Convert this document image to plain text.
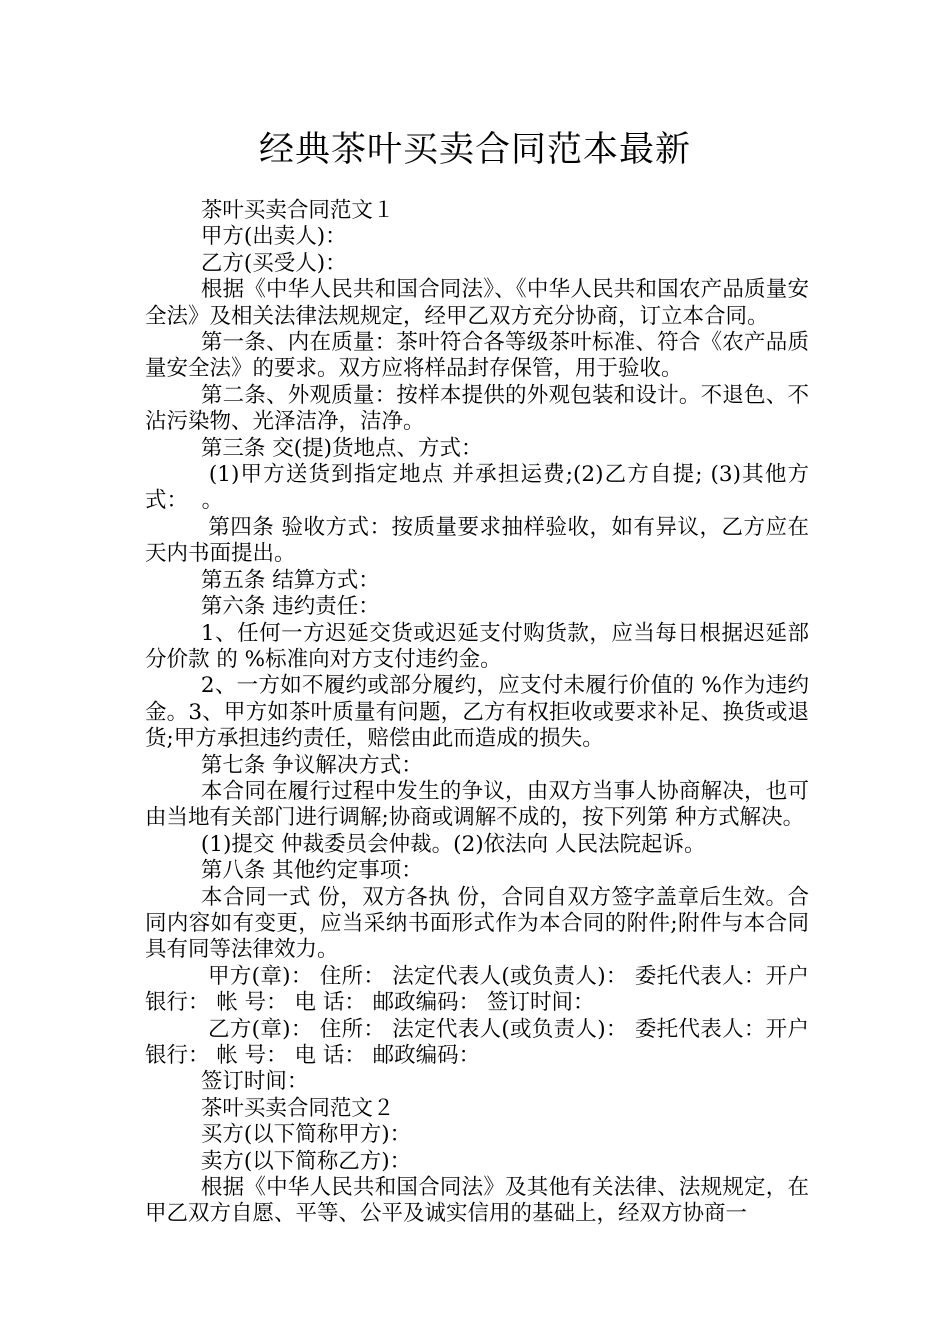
经典茶叶买卖合同范本最新

茶叶买卖合同范文１

甲方(出卖人)：

乙方(买受人)：

根据《中华人民共和国合同法》、《中华人民共和国农产品质量安全法》及相关法律法规规定，经甲乙双方充分协商，订立本合同。

第一条、内在质量：茶叶符合各等级茶叶标准、符合《农产品质量安全法》的要求。双方应将样品封存保管，用于验收。

第二条、外观质量：按样本提供的外观包装和设计。不退色、不沾污染物、光泽洁净，洁净。

第三条 交(提)货地点、方式：

(1)甲方送货到指定地点 并承担运费;(2)乙方自提; (3)其他方式：  。

第四条 验收方式：按质量要求抽样验收，如有异议，乙方应在 天内书面提出。

第五条 结算方式：

第六条 违约责任：

1、任何一方迟延交货或迟延支付购货款，应当每日根据迟延部分价款 的 %标准向对方支付违约金。

2、一方如不履约或部分履约，应支付未履行价值的 %作为违约金。3、甲方如茶叶质量有问题，乙方有权拒收或要求补足、换货或退货;甲方承担违约责任，赔偿由此而造成的损失。

第七条 争议解决方式：

本合同在履行过程中发生的争议，由双方当事人协商解决，也可由当地有关部门进行调解;协商或调解不成的，按下列第 种方式解决。

(1)提交 仲裁委员会仲裁。(2)依法向 人民法院起诉。

第八条 其他约定事项：

本合同一式 份，双方各执 份，合同自双方签字盖章后生效。合同内容如有变更，应当采纳书面形式作为本合同的附件;附件与本合同具有同等法律效力。

甲方(章)： 住所： 法定代表人(或负责人)： 委托代表人：开户银行： 帐 号： 电 话： 邮政编码： 签订时间：

乙方(章)： 住所： 法定代表人(或负责人)： 委托代表人：开户银行： 帐 号： 电 话： 邮政编码：

签订时间：

茶叶买卖合同范文２

买方(以下简称甲方)：

卖方(以下简称乙方)：

根据《中华人民共和国合同法》及其他有关法律、法规规定，在甲乙双方自愿、平等、公平及诚实信用的基础上，经双方协商一
